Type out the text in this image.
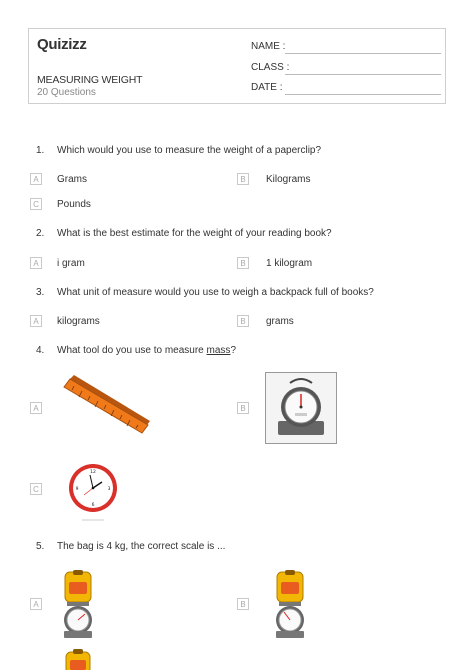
Quizizz
MEASURING WEIGHT
20 Questions
NAME :
CLASS :
DATE :
1. Which would you use to measure the weight of a paperclip?
A	Grams	B	Kilograms
C	Pounds
2. What is the best estimate for the weight of your reading book?
A	i gram	B	1 kilogram
3. What unit of measure would you use to weigh a backpack full of books?
A	kilograms	B	grams
4. What tool do you use to measure mass?
A	B
C
12
3
6
9
5. The bag is 4 kg, the correct scale is ...
A	B
